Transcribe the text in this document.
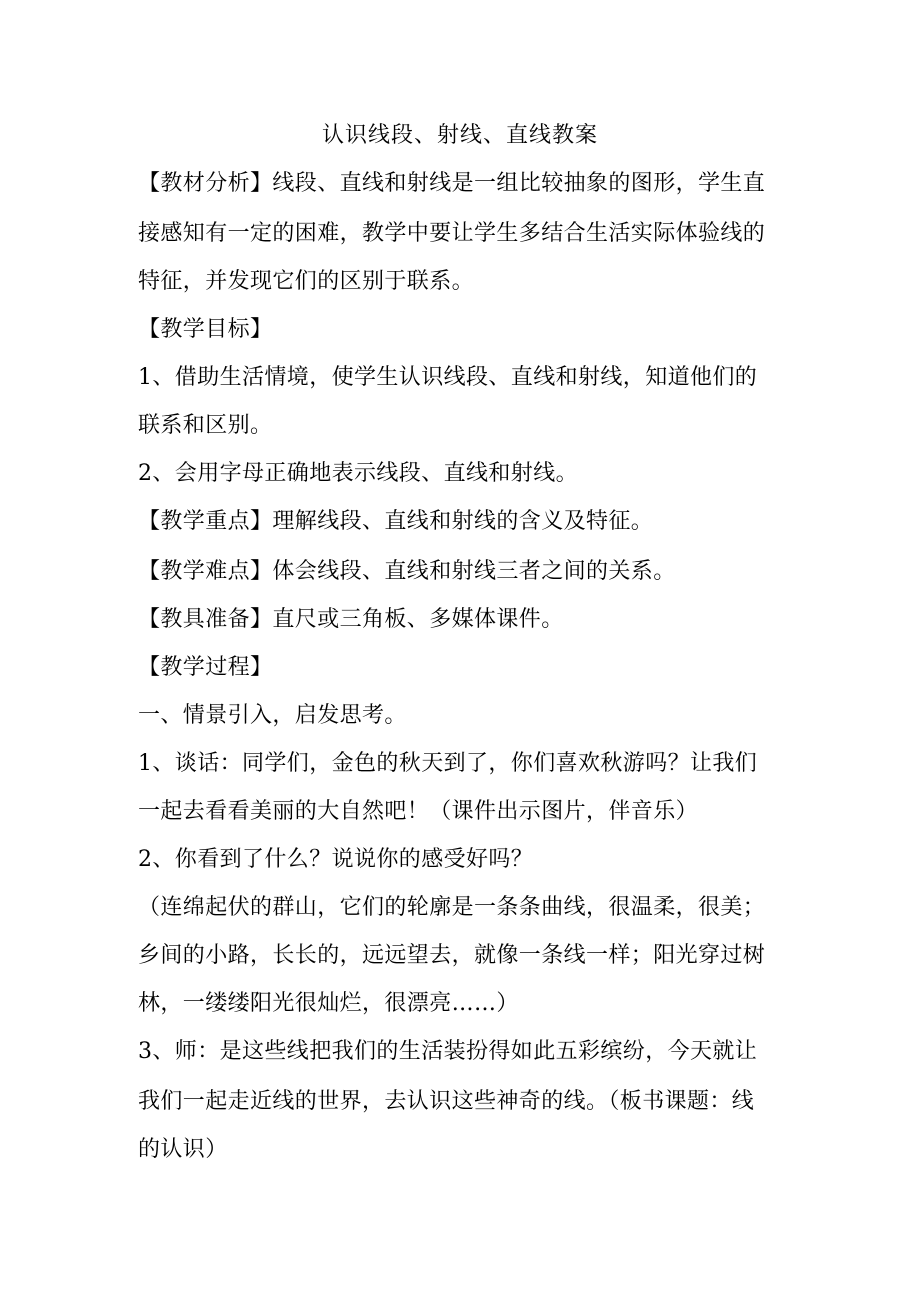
认识线段、射线、直线教案
【教材分析】线段、直线和射线是一组比较抽象的图形，学生直
接感知有一定的困难，教学中要让学生多结合生活实际体验线的
特征，并发现它们的区别于联系。
【教学目标】
1、借助生活情境，使学生认识线段、直线和射线，知道他们的
联系和区别。
2、会用字母正确地表示线段、直线和射线。
【教学重点】理解线段、直线和射线的含义及特征。
【教学难点】体会线段、直线和射线三者之间的关系。
【教具准备】直尺或三角板、多媒体课件。
【教学过程】
一、情景引入，启发思考。
1、谈话：同学们，金色的秋天到了，你们喜欢秋游吗？让我们
一起去看看美丽的大自然吧！（课件出示图片，伴音乐）
2、你看到了什么？说说你的感受好吗？
（连绵起伏的群山，它们的轮廓是一条条曲线，很温柔，很美；
乡间的小路，长长的，远远望去，就像一条线一样；阳光穿过树
林，一缕缕阳光很灿烂，很漂亮……）
3、师：是这些线把我们的生活装扮得如此五彩缤纷，今天就让
我们一起走近线的世界，去认识这些神奇的线。（板书课题：线
的认识）
